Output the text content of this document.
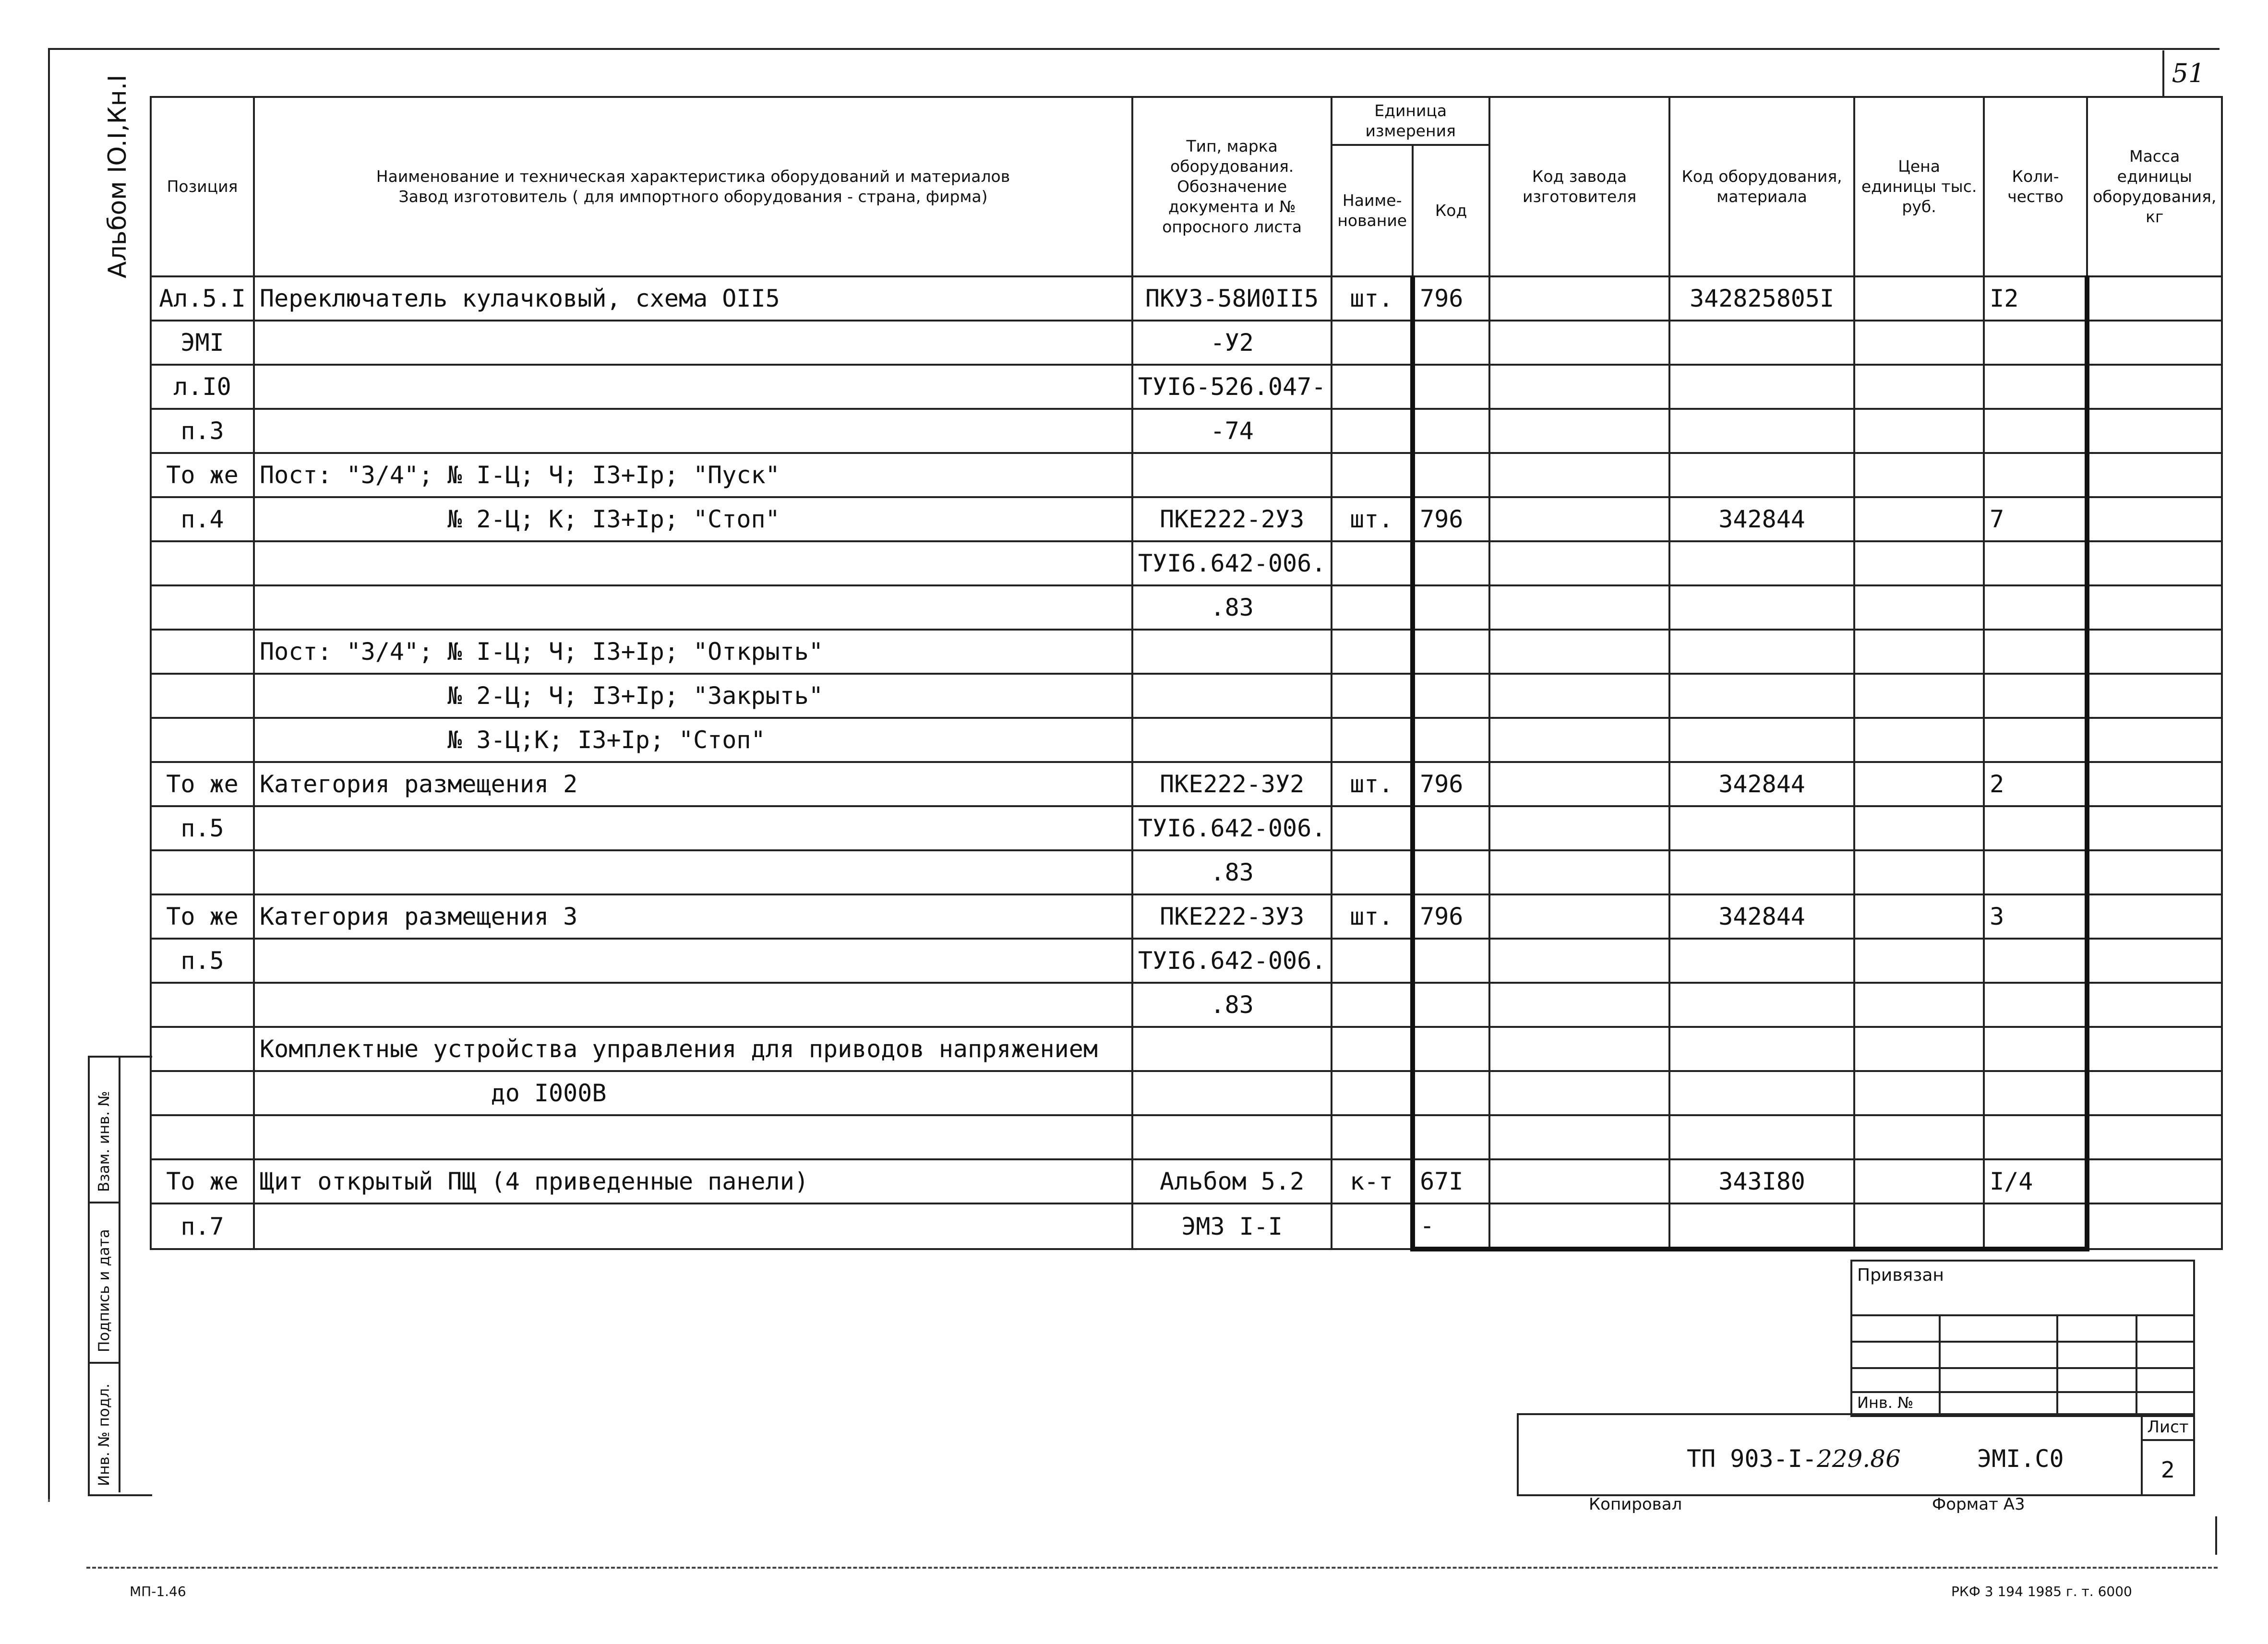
51
Альбом IO.I,Кн.I Позиция	Наименование и техническая характеристика оборудований и материалов
Завод изготовитель ( для импортного оборудования - страна, фирма)	Тип, марка оборудования. Обозначение документа и № опросного листа	Единица измерения		Код завода изготовителя	Код оборудования, материала	Цена единицы тыс. руб.	Коли- чество	Масса единицы оборудования, кг
			Наиме- нование	Код					
Ал.5.I	Переключатель кулачковый, схема OII5	ПКУ3-58И0II5	шт.	796		342825805I		I2	
ЭМI		-У2							
л.I0		ТУI6-526.047-							
п.3		-74							
То же	Пост: "3/4"; № I-Ц; Ч; I3+Iр; "Пуск"								
п.4	№ 2-Ц; К; I3+Iр; "Стоп"	ПКЕ222-2У3	шт.	796		342844		7	
		ТУI6.642-006.							
		.83							
	Пост: "3/4"; № I-Ц; Ч; I3+Iр; "Открыть"								
	№ 2-Ц; Ч; I3+Iр; "Закрыть"								
	№ 3-Ц;К; I3+Iр; "Стоп"								
То же	Категория размещения 2	ПКЕ222-3У2	шт.	796		342844		2	
п.5		ТУI6.642-006.							
		.83							
То же	Категория размещения 3	ПКЕ222-3У3	шт.	796		342844		3	
п.5		ТУI6.642-006.							
		.83							
	Комплектные устройства управления для приводов напряжением								
	до I000В								

То же	Щит открытый ПЩ (4 приведенные панели)	Альбом 5.2	к-т	67I		343I80		I/4	
п.7		ЭМ3 I-I		-					
Взам. инв. №
Подпись и дата
Инв. № подл.
Привязан
Инв. №
ТП 903-I-229.86	ЭМI.С0
Лист
2
Копировал	Формат А3
МП-1.46	РКФ 3 194 1985 г. т. 6000
